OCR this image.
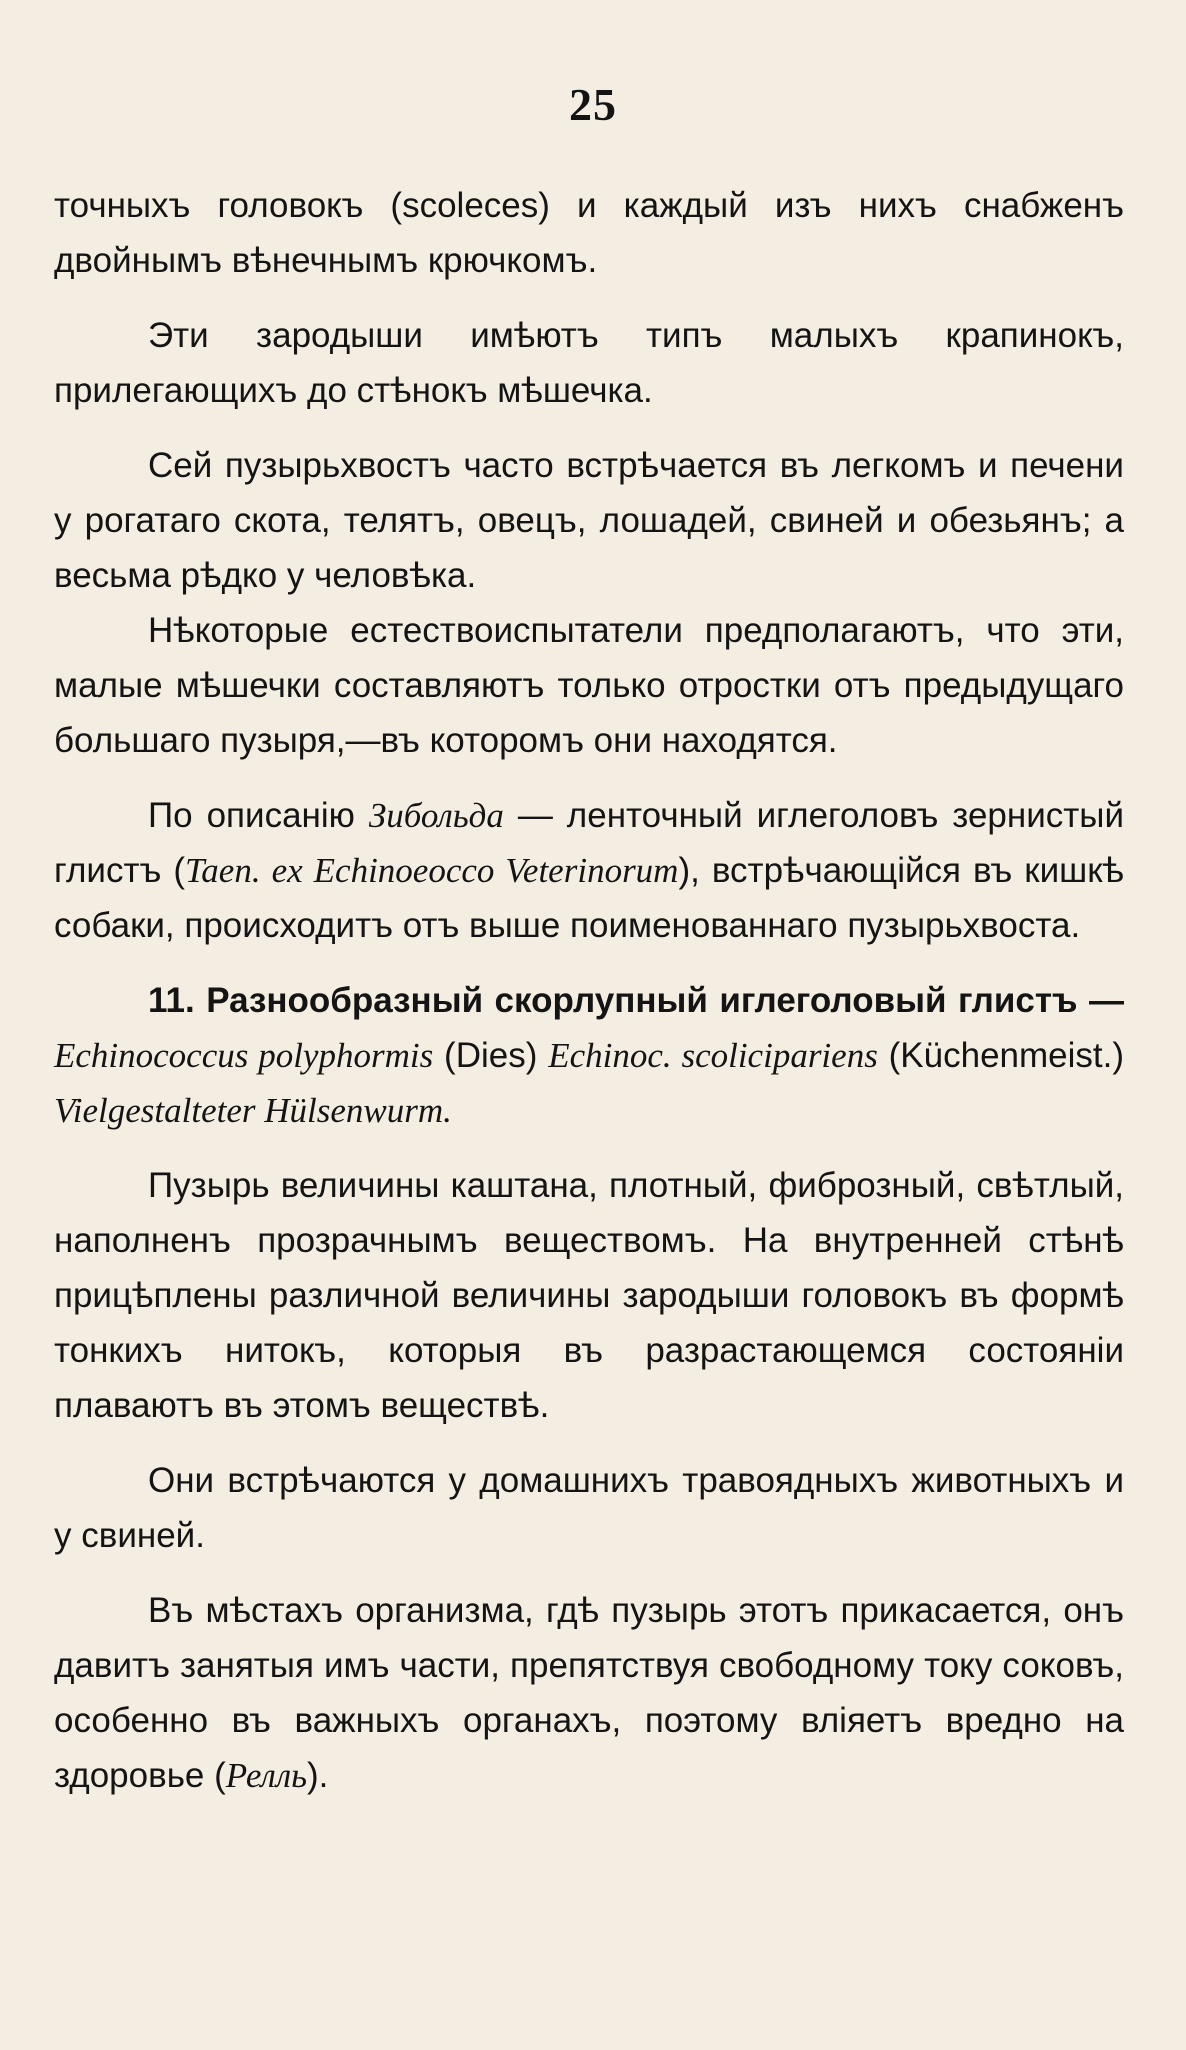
25

точныхъ головокъ (scolece​s) и каждый изъ нихъ снабженъ двойнымъ вѣнечнымъ крючкомъ.

Эти зародыши имѣютъ типъ малыхъ крапинокъ, прилегающихъ до стѣнокъ мѣшечка.

Сей пузырьхвостъ часто встрѣчается въ легкомъ и печени у рогатаго скота, телятъ, овецъ, лошадей, свиней и обезьянъ; а весьма рѣдко у человѣка.

Нѣкоторые естествоиспытатели предполагаютъ, что эти, малые мѣшечки составляютъ только отростки отъ предыдущаго большаго пузыря,—въ которомъ они находятся.

По описанію Зибольда — ленточный иглеголовъ зернистый глистъ (Taen. ex Echinoeocco Veterinorum), встрѣчающійся въ кишкѣ собаки, происходитъ отъ выше поименованнаго пузырьхвоста.

11. Разнообразный скорлупный иглеголовый глистъ — Echinococcus polyphormis (Dies) Echinoc. scolicipariens (Küchenmeist.) Vielgestalteter Hülsenwurm.

Пузырь величины каштана, плотный, фиброзный, свѣтлый, наполненъ прозрачнымъ веществомъ. На внутренней стѣнѣ прицѣплены различной величины зародыши головокъ въ формѣ тонкихъ нитокъ, которыя въ разрастающемся состояніи плаваютъ въ этомъ веществѣ.

Они встрѣчаются у домашнихъ травоядныхъ животныхъ и у свиней.

Въ мѣстахъ организма, гдѣ пузырь этотъ прикасается, онъ давитъ занятыя имъ части, препятствуя свободному току соковъ, особенно въ важныхъ органахъ, поэтому вліяетъ вредно на здоровье (Релль).
